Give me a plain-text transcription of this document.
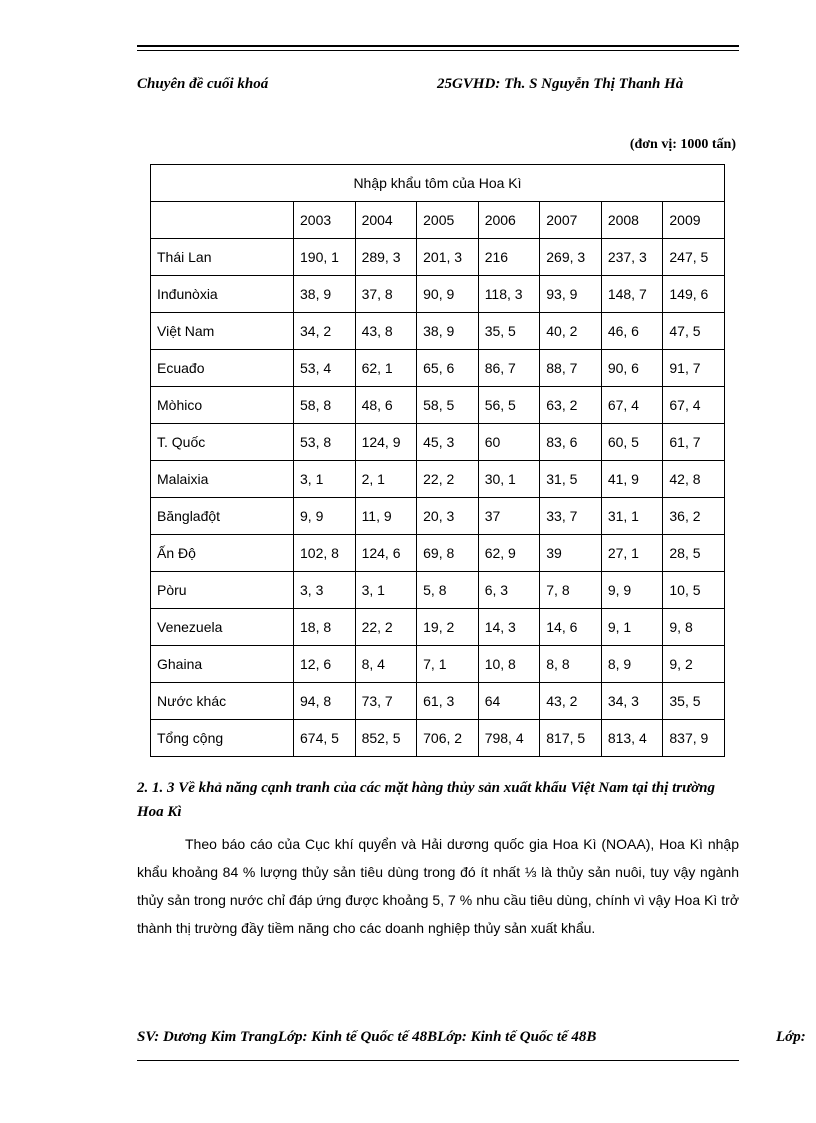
Chuyên đề cuối khoá	25GVHD: Th. S Nguyễn Thị Thanh Hà
(đơn vị: 1000 tấn)
Nhập khẩu tôm của Hoa Kì							
	2003	2004	2005	2006	2007	2008	2009
Thái Lan	190, 1	289, 3	201, 3	216	269, 3	237, 3	247, 5
Inđunòxia	38, 9	37, 8	90, 9	118, 3	93, 9	148, 7	149, 6
Việt Nam	34, 2	43, 8	38, 9	35, 5	40, 2	46, 6	47, 5
Ecuađo	53, 4	62, 1	65, 6	86, 7	88, 7	90, 6	91, 7
Mòhico	58, 8	48, 6	58, 5	56, 5	63, 2	67, 4	67, 4
T. Quốc	53, 8	124, 9	45, 3	60	83, 6	60, 5	61, 7
Malaixia	3, 1	2, 1	22, 2	30, 1	31, 5	41, 9	42, 8
Bănglađột	9, 9	11, 9	20, 3	37	33, 7	31, 1	36, 2
Ấn Độ	102, 8	124, 6	69, 8	62, 9	39	27, 1	28, 5
Pòru	3, 3	3, 1	5, 8	6, 3	7, 8	9, 9	10, 5
Venezuela	18, 8	22, 2	19, 2	14, 3	14, 6	9, 1	9, 8
Ghaina	12, 6	8, 4	7, 1	10, 8	8, 8	8, 9	9, 2
Nước khác	94, 8	73, 7	61, 3	64	43, 2	34, 3	35, 5
Tổng cộng	674, 5	852, 5	706, 2	798, 4	817, 5	813, 4	837, 9
2. 1. 3 Về khả năng cạnh tranh của các mặt hàng thủy sản xuất khẩu Việt Nam tại thị trường Hoa Kì
Theo báo cáo của Cục khí quyển và Hải dương quốc gia Hoa Kì (NOAA), Hoa Kì nhập khẩu khoảng 84 % lượng thủy sản tiêu dùng trong đó ít nhất ⅓ là thủy sản nuôi, tuy vậy ngành thủy sản trong nước chỉ đáp ứng được khoảng 5, 7 % nhu cầu tiêu dùng, chính vì vậy Hoa Kì trở thành thị trường đầy tiềm năng cho các doanh nghiệp thủy sản xuất khẩu.
SV: Dương Kim TrangLớp: Kinh tế Quốc tế 48BLớp: Kinh tế Quốc tế 48B	Lớp:
